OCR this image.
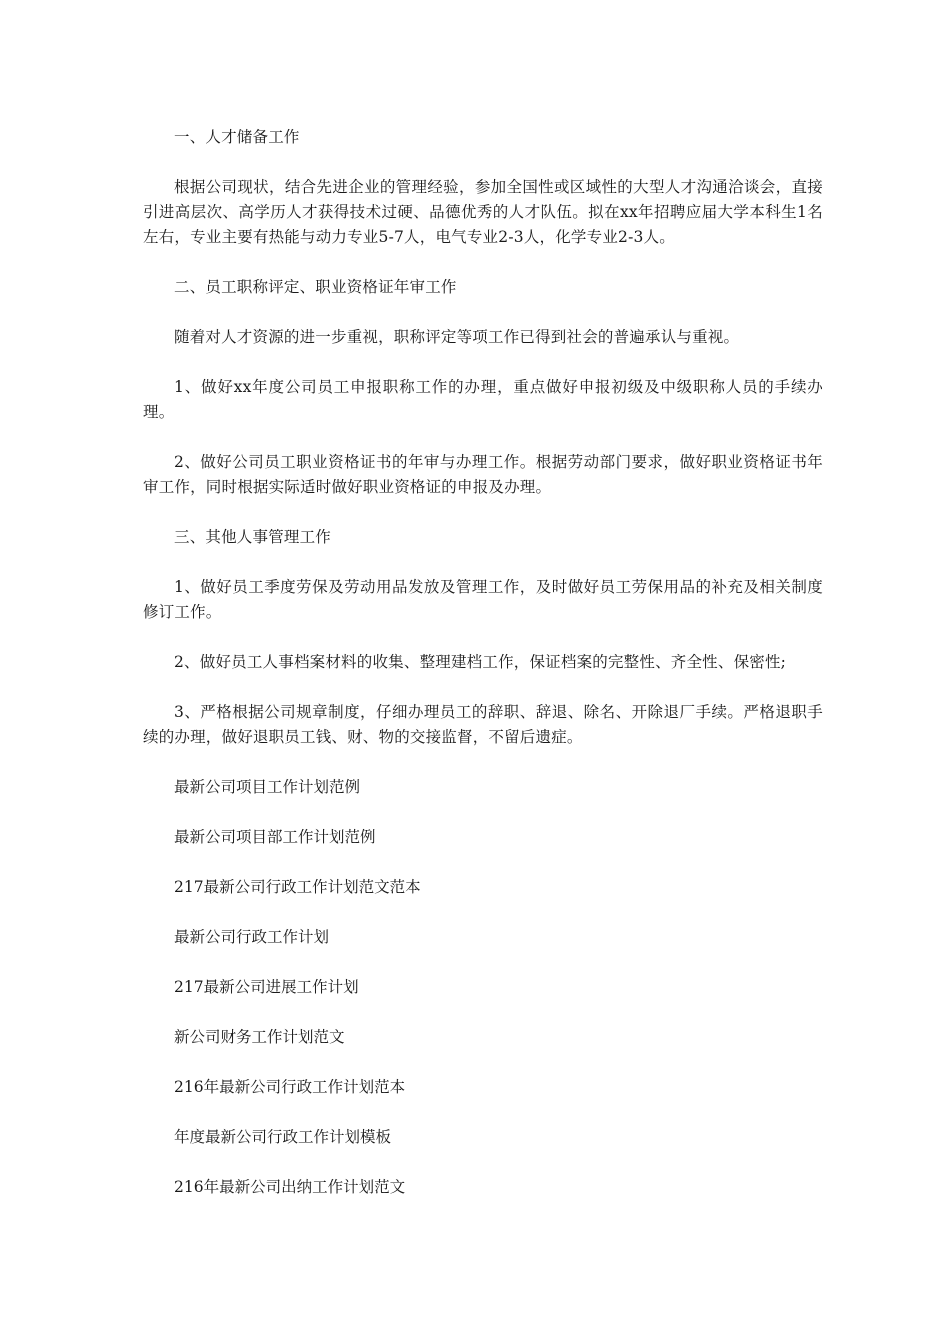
一、人才储备工作
根据公司现状，结合先进企业的管理经验，参加全国性或区域性的大型人才沟通洽谈会，直接引进高层次、高学历人才获得技术过硬、品德优秀的人才队伍。拟在xx年招聘应届大学本科生1名左右，专业主要有热能与动力专业5-7人，电气专业2-3人，化学专业2-3人。
二、员工职称评定、职业资格证年审工作
随着对人才资源的进一步重视，职称评定等项工作已得到社会的普遍承认与重视。
1、做好xx年度公司员工申报职称工作的办理，重点做好申报初级及中级职称人员的手续办理。
2、做好公司员工职业资格证书的年审与办理工作。根据劳动部门要求，做好职业资格证书年审工作，同时根据实际适时做好职业资格证的申报及办理。
三、其他人事管理工作
1、做好员工季度劳保及劳动用品发放及管理工作，及时做好员工劳保用品的补充及相关制度修订工作。
2、做好员工人事档案材料的收集、整理建档工作，保证档案的完整性、齐全性、保密性;
3、严格根据公司规章制度，仔细办理员工的辞职、辞退、除名、开除退厂手续。严格退职手续的办理，做好退职员工钱、财、物的交接监督，不留后遗症。
最新公司项目工作计划范例
最新公司项目部工作计划范例
217最新公司行政工作计划范文范本
最新公司行政工作计划
217最新公司进展工作计划
新公司财务工作计划范文
216年最新公司行政工作计划范本
年度最新公司行政工作计划模板
216年最新公司出纳工作计划范文
